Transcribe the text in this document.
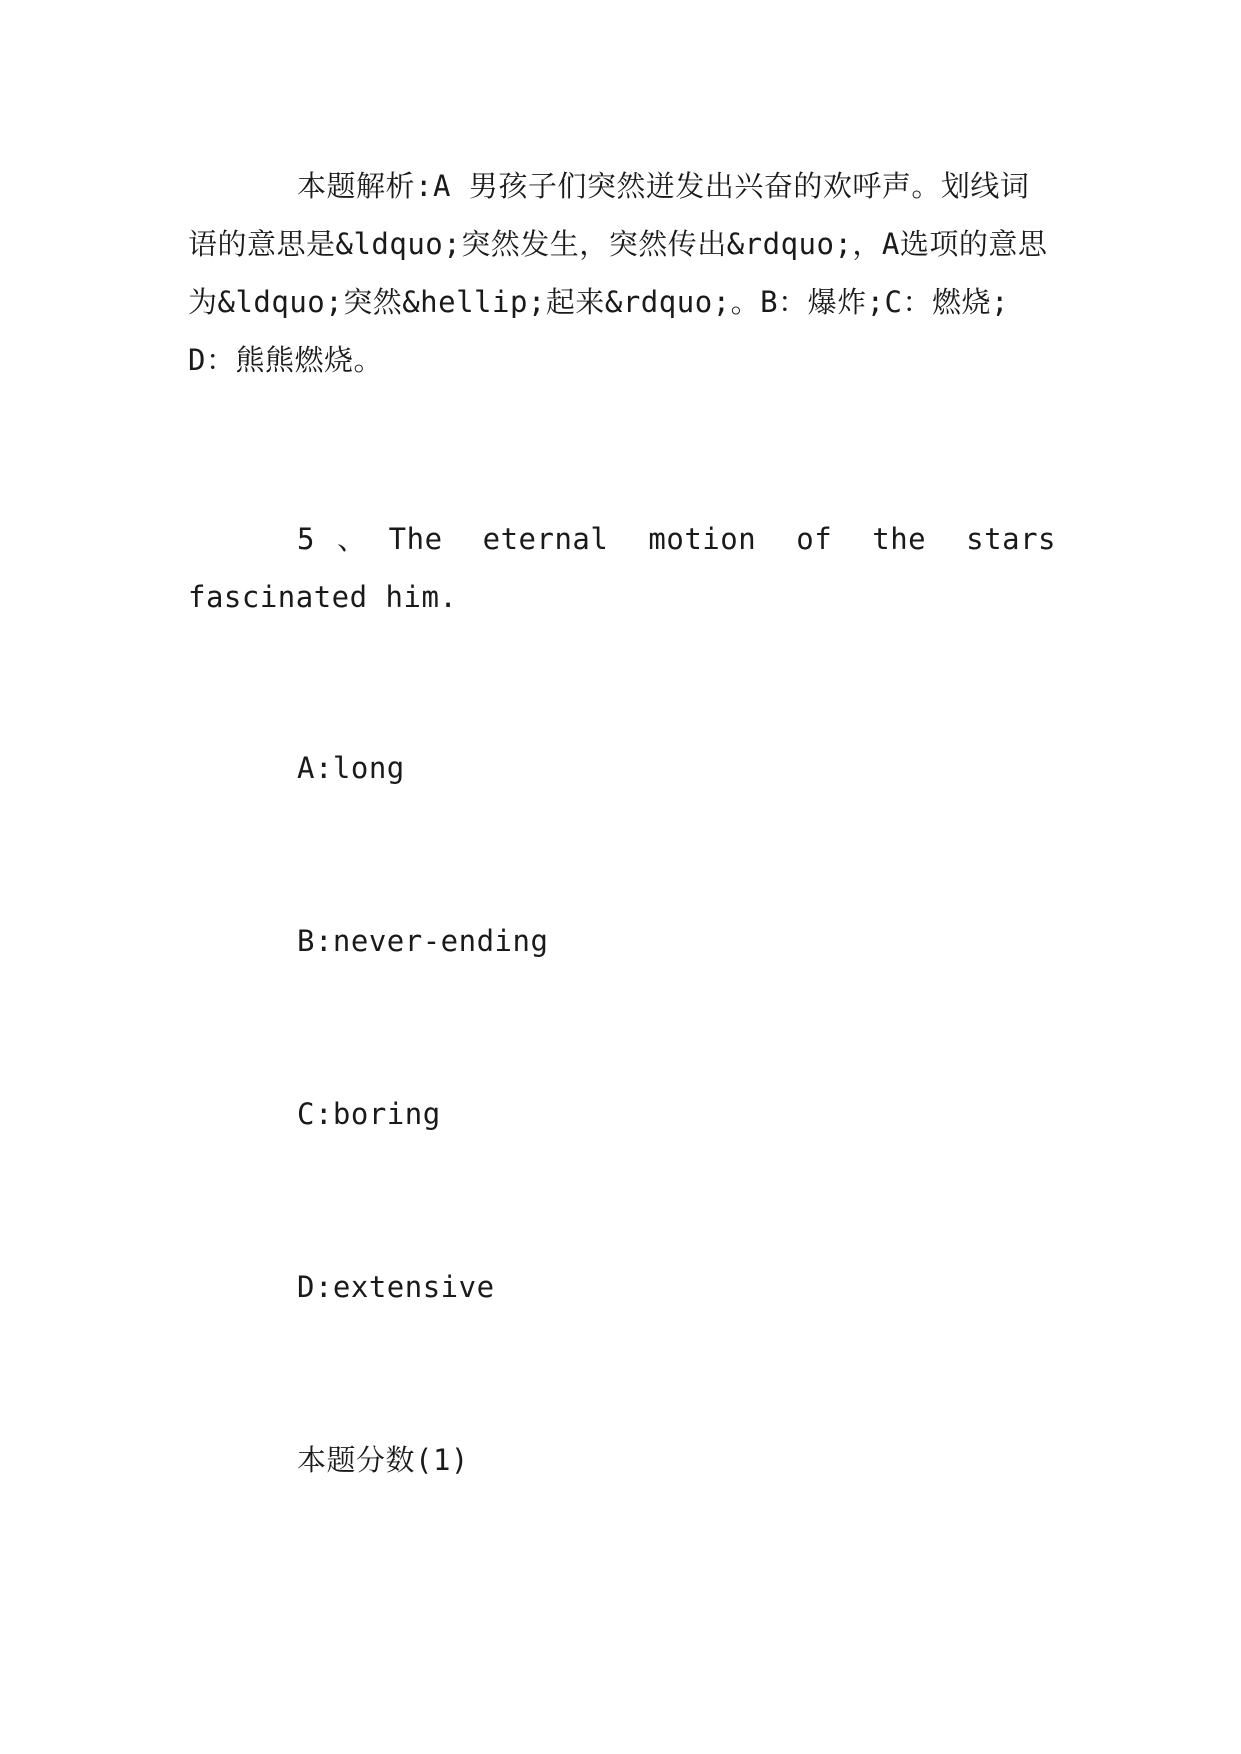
本题解析:A 男孩子们突然迸发出兴奋的欢呼声。划线词语的意思是&ldquo;突然发生，突然传出&rdquo;，A选项的意思为&ldquo;突然&hellip;起来&rdquo;。B：爆炸;C：燃烧;D：熊熊燃烧。

5、The eternal motion of the stars fascinated him.

A:long

B:never-ending

C:boring

D:extensive

本题分数(1)
